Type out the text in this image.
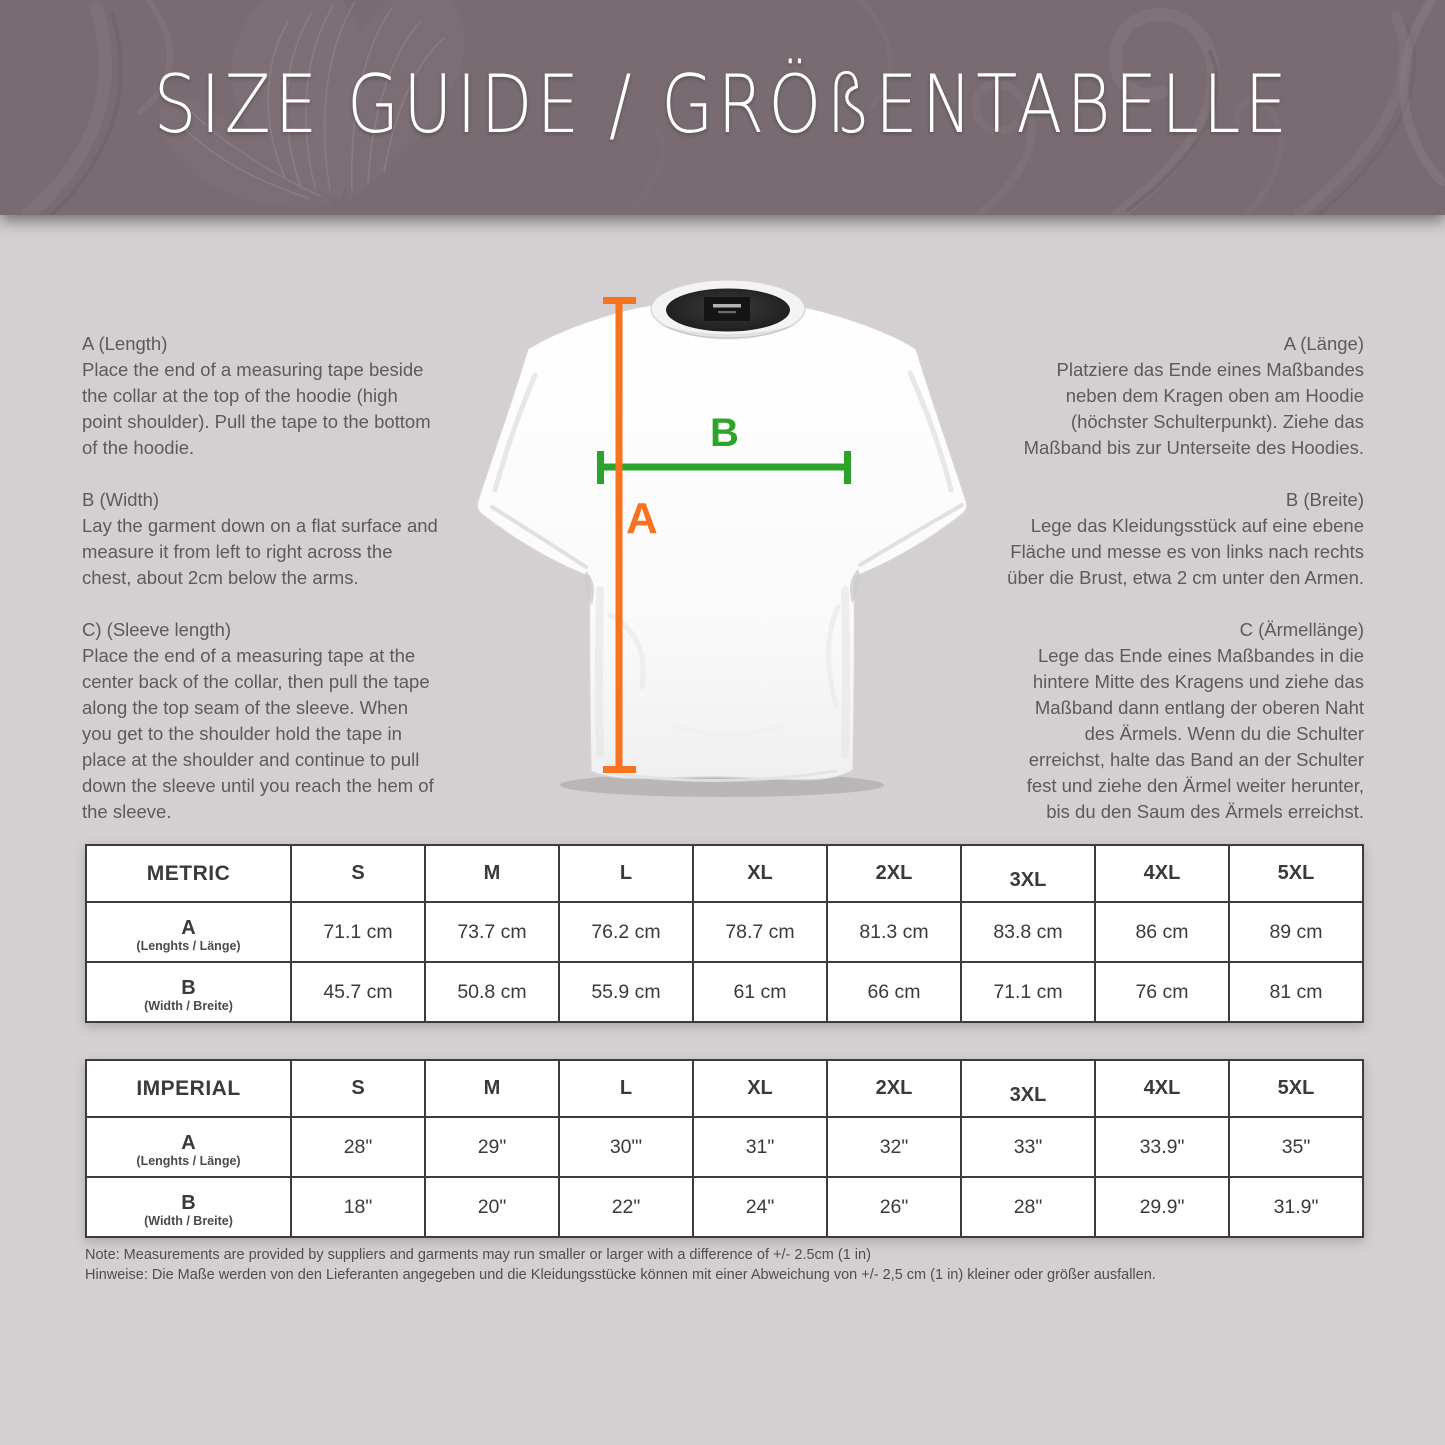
SIZE GUIDE / GRÖßENTABELLE

A (Length)
Place the end of a measuring tape beside the collar at the top of the hoodie (high point shoulder). Pull the tape to the bottom of the hoodie.

B (Width)
Lay the garment down on a flat surface and measure it from left to right across the chest, about 2cm below the arms.

C) (Sleeve length)
Place the end of a measuring tape at the center back of the collar, then pull the tape along the top seam of the sleeve. When you get to the shoulder hold the tape in place at the shoulder and continue to pull down the sleeve until you reach the hem of the sleeve.

A (Länge)
Platziere das Ende eines Maßbandes neben dem Kragen oben am Hoodie (höchster Schulterpunkt). Ziehe das Maßband bis zur Unterseite des Hoodies.

B (Breite)
Lege das Kleidungsstück auf eine ebene Fläche und messe es von links nach rechts über die Brust, etwa 2 cm unter den Armen.

C (Ärmellänge)
Lege das Ende eines Maßbandes in die hintere Mitte des Kragens und ziehe das Maßband dann entlang der oberen Naht des Ärmels. Wenn du die Schulter erreichst, halte das Band an der Schulter fest und ziehe den Ärmel weiter herunter, bis du den Saum des Ärmels erreichst.

B
A
METRIC	S	M	L	XL	2XL	3XL	4XL	5XL

A
(Lenghts / Länge)	71.1 cm	73.7 cm	76.2 cm	78.7 cm	81.3 cm	83.8 cm	86 cm	89 cm

B
(Width / Breite)	45.7 cm	50.8 cm	55.9 cm	61 cm	66 cm	71.1 cm	76 cm	81 cm
IMPERIAL	S	M	L	XL	2XL	3XL	4XL	5XL

A
(Lenghts / Länge)	28"	29"	30"'	31"	32"	33"	33.9"	35"

B
(Width / Breite)	18"	20"	22"	24"	26"	28"	29.9"	31.9"

Note: Measurements are provided by suppliers and garments may run smaller or larger with a difference of +/- 2.5cm (1 in)

Hinweise: Die Maße werden von den Lieferanten angegeben und die Kleidungsstücke können mit einer Abweichung von +/- 2,5 cm (1 in) kleiner oder größer ausfallen.
